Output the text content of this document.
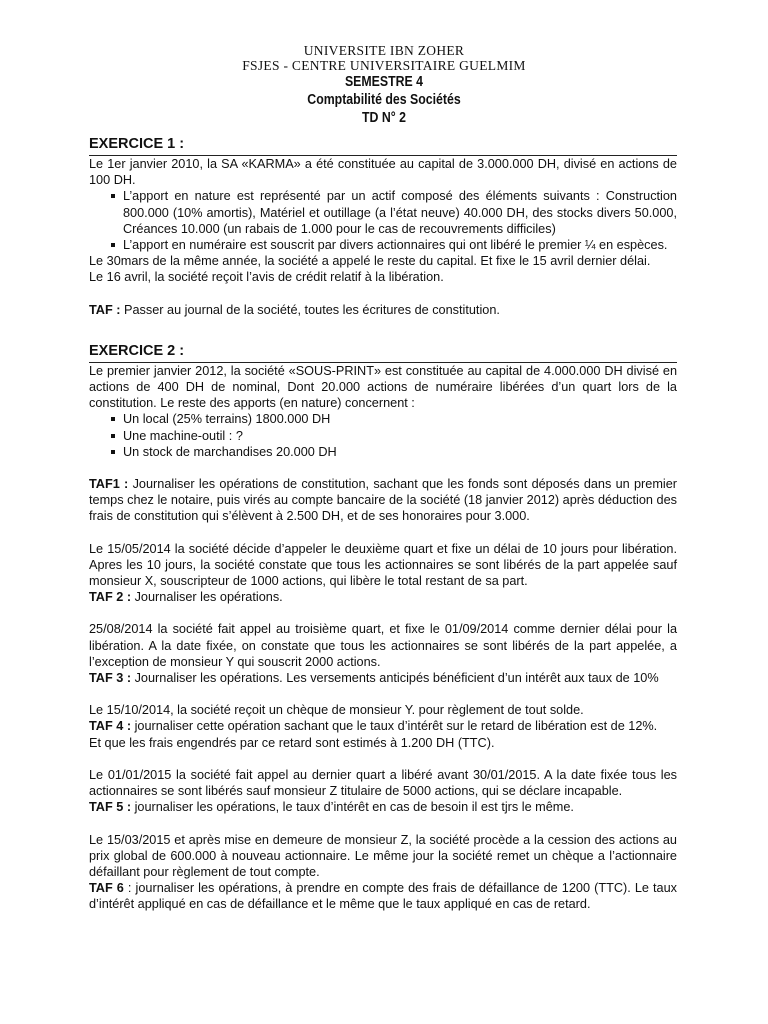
UNIVERSITE IBN ZOHER
FSJES - CENTRE UNIVERSITAIRE GUELMIM
SEMESTRE 4
Comptabilité des Sociétés
TD N° 2
EXERCICE 1 :

Le 1er janvier 2010, la SA «KARMA» a été constituée au capital de 3.000.000 DH, divisé en actions de 100 DH.

L’apport en nature est représenté par un actif composé des éléments suivants : Construction 800.000 (10% amortis), Matériel et outillage (a l’état neuve) 40.000 DH, des stocks divers 50.000, Créances 10.000 (un rabais de 1.000 pour le cas de recouvrements difficiles)
L’apport en numéraire est souscrit par divers actionnaires qui ont libéré le premier ¼ en espèces.

Le 30mars de la même année, la société a appelé le reste du capital. Et fixe le 15 avril dernier délai.

Le 16 avril, la société reçoit l’avis de crédit relatif à la libération.

TAF : Passer au journal de la société, toutes les écritures de constitution.

EXERCICE 2 :

Le premier janvier 2012, la société «SOUS-PRINT» est constituée au capital de 4.000.000 DH divisé en actions de 400 DH de nominal, Dont 20.000 actions de numéraire libérées d’un quart lors de la constitution. Le reste des apports (en nature) concernent :

Un local (25% terrains) 1800.000 DH
Une machine-outil : ?
Un stock de marchandises 20.000 DH

TAF1 : Journaliser les opérations de constitution, sachant que les fonds sont déposés dans un premier temps chez le notaire, puis virés au compte bancaire de la société (18 janvier 2012) après déduction des frais de constitution qui s’élèvent à 2.500 DH, et de ses honoraires pour 3.000.

Le 15/05/2014 la société décide d’appeler le deuxième quart et fixe un délai de 10 jours pour libération. Apres les 10 jours, la société constate que tous les actionnaires se sont libérés de la part appelée sauf monsieur X, souscripteur de 1000 actions, qui libère le total restant de sa part.

TAF 2 : Journaliser les opérations.

25/08/2014 la société fait appel au troisième quart, et fixe le 01/09/2014 comme dernier délai pour la libération. A la date fixée, on constate que tous les actionnaires se sont libérés de la part appelée, a l’exception de monsieur Y qui souscrit 2000 actions.

TAF 3 : Journaliser les opérations. Les versements anticipés bénéficient d’un intérêt aux taux de 10%

Le 15/10/2014, la société reçoit un chèque de monsieur Y. pour règlement de tout solde.

TAF 4 : journaliser cette opération sachant que le taux d’intérêt sur le retard de libération est de 12%.

Et que les frais engendrés par ce retard sont estimés à 1.200 DH (TTC).

Le 01/01/2015 la société fait appel au dernier quart a libéré avant 30/01/2015. A la date fixée tous les actionnaires se sont libérés sauf monsieur Z titulaire de 5000 actions, qui se déclare incapable.

TAF 5 : journaliser les opérations, le taux d’intérêt en cas de besoin il est tjrs le même.

Le 15/03/2015 et après mise en demeure de monsieur Z, la société procède a la cession des actions au prix global de 600.000 à nouveau actionnaire. Le même jour la société remet un chèque a l’actionnaire défaillant pour règlement de tout compte.

TAF 6 : journaliser les opérations, à prendre en compte des frais de défaillance de 1200 (TTC). Le taux d’intérêt appliqué en cas de défaillance et le même que le taux appliqué en cas de retard.
